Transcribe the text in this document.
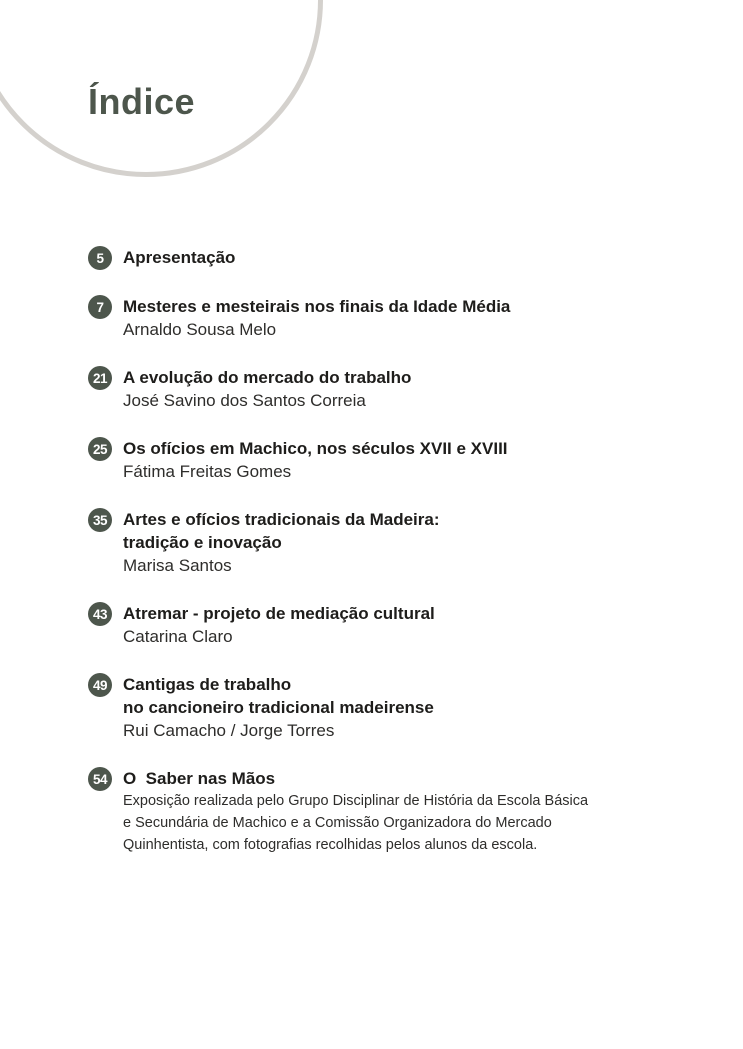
Índice
5	Apresentação
7	Mesteres e mesteirais nos finais da Idade Média
Arnaldo Sousa Melo
21 A evolução do mercado do trabalho
José Savino dos Santos Correia
25 Os ofícios em Machico, nos séculos XVII e XVIII
Fátima Freitas Gomes
35 Artes e ofícios tradicionais da Madeira:
tradição e inovação
Marisa Santos
43 Atremar - projeto de mediação cultural
Catarina Claro
49 Cantigas de trabalho
no cancioneiro tradicional madeirense
Rui Camacho / Jorge Torres
54 O  Saber nas Mãos
Exposição realizada pelo Grupo Disciplinar de História da Escola Básica
e Secundária de Machico e a Comissão Organizadora do Mercado
Quinhentista, com fotografias recolhidas pelos alunos da escola.
